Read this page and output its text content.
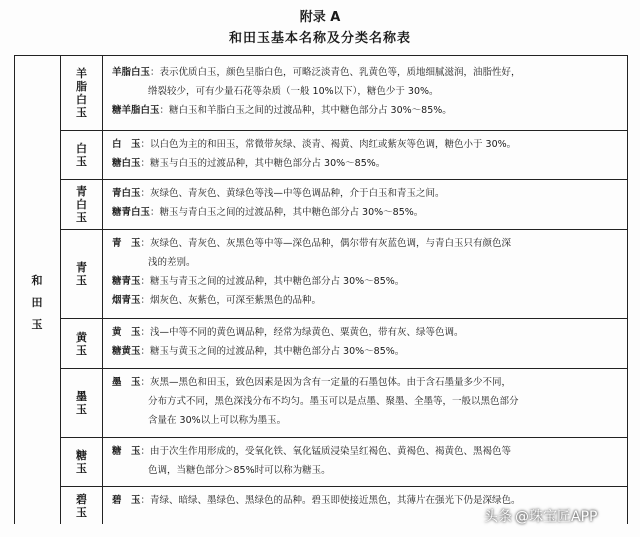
附录 A
和田玉基本名称及分类名称表
和
田
玉
羊
脂
白
玉
羊脂白玉：表示优质白玉，颜色呈脂白色，可略泛淡青色、乳黄色等，质地细腻滋润，油脂性好，
绺裂较少，可有少量石花等杂质（一般 10%以下），糖色少于 30%。
糖羊脂白玉：糖白玉和羊脂白玉之间的过渡品种，其中糖色部分占 30%～85%。
白
玉
白　玉：以白色为主的和田玉，常微带灰绿、淡青、褐黄、肉红或紫灰等色调，糖色小于 30%。
糖白玉：糖玉与白玉的过渡品种，其中糖色部分占 30%～85%。
青
白
玉
青白玉：灰绿色、青灰色、黄绿色等浅—中等色调品种，介于白玉和青玉之间。
糖青白玉：糖玉与青白玉之间的过渡品种，其中糖色部分占 30%～85%。
青
玉
青　玉：灰绿色、青灰色、灰黑色等中等—深色品种，偶尔带有灰蓝色调，与青白玉只有颜色深
浅的差别。
糖青玉：糖玉与青玉之间的过渡品种，其中糖色部分占 30%～85%。
烟青玉：烟灰色、灰紫色，可深至紫黑色的品种。
黄
玉
黄　玉：浅—中等不同的黄色调品种，经常为绿黄色、粟黄色，带有灰、绿等色调。
糖黄玉：糖玉与黄玉之间的过渡品种，其中糖色部分占 30%～85%。
墨
玉
墨　玉：灰黑—黑色和田玉，致色因素是因为含有一定量的石墨包体。由于含石墨量多少不同，
分布方式不同，黑色深浅分布不均匀。墨玉可以是点墨、聚墨、全墨等，一般以黑色部分
含量在 30%以上可以称为墨玉。
糖
玉
糖　玉：由于次生作用形成的，受氧化铁、氧化锰质浸染呈红褐色、黄褐色、褐黄色、黑褐色等
色调，当糖色部分＞85%时可以称为糖玉。
碧
玉
碧　玉：青绿、暗绿、墨绿色、黑绿色的品种。碧玉即使接近黑色，其薄片在强光下仍是深绿色。
头条 @珠宝匠APP
